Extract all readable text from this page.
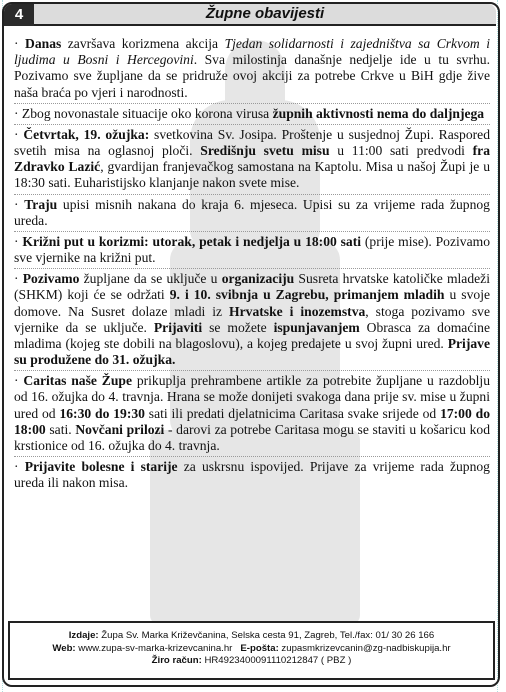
4	Župne obavijesti

· Danas završava korizmena akcija Tjedan solidarnosti i zajedništva sa Crkvom i ljudima u Bosni i Hercegovini. Sva milostinja današnje nedjelje ide u tu svrhu. Pozivamo sve župljane da se pridruže ovoj akciji za potrebe Crkve u BiH gdje žive naša braća po vjeri i narodnosti.

· Zbog novonastale situacije oko korona virusa župnih aktivnosti nema do daljnjega

· Četvrtak, 19. ožujka: svetkovina Sv. Josipa. Proštenje u susjednoj Župi. Raspored svetih misa na oglasnoj ploči. Središnju svetu misu u 11:00 sati predvodi fra Zdravko Lazić, gvardijan franjevačkog samostana na Kaptolu. Misa u našoj Župi je u 18:30 sati. Euharistijsko klanjanje nakon svete mise.

· Traju upisi misnih nakana do kraja 6. mjeseca. Upisi su za vrijeme rada župnog ureda.

· Križni put u korizmi: utorak, petak i nedjelja u 18:00 sati (prije mise). Pozivamo sve vjernike na križni put.

· Pozivamo župljane da se uključe u organizaciju Susreta hrvatske katoličke mladeži (SHKM) koji će se održati 9. i 10. svibnja u Zagrebu, primanjem mladih u svoje domove. Na Susret dolaze mladi iz Hrvatske i inozemstva, stoga pozivamo sve vjernike da se uključe. Prijaviti se možete ispunjavanjem Obrasca za domaćine mladima (kojeg ste dobili na blagoslovu), a kojeg predajete u svoj župni ured. Prijave su produžene do 31. ožujka.

· Caritas naše Župe prikuplja prehrambene artikle za potrebite župljane u razdoblju od 16. ožujka do 4. travnja. Hrana se može donijeti svakoga dana prije sv. mise u župni ured od 16:30 do 19:30 sati ili predati djelatnicima Caritasa svake srijede od 17:00 do 18:00 sati. Novčani prilozi - darovi za potrebe Caritasa mogu se staviti u košaricu kod krstionice od 16. ožujka do 4. travnja.

· Prijavite bolesne i starije za uskrsnu ispovijed. Prijave za vrijeme rada župnog ureda ili nakon misa.

Izdaje: Župa Sv. Marka Križevčanina, Selska cesta 91, Zagreb, Tel./fax: 01/ 30 26 166
Web: www.zupa-sv-marka-krizevcanina.hr E-pošta: zupasmkrizevcanin@zg-nadbiskupija.hr
Žiro račun: HR4923400091110212847 ( PBZ )
